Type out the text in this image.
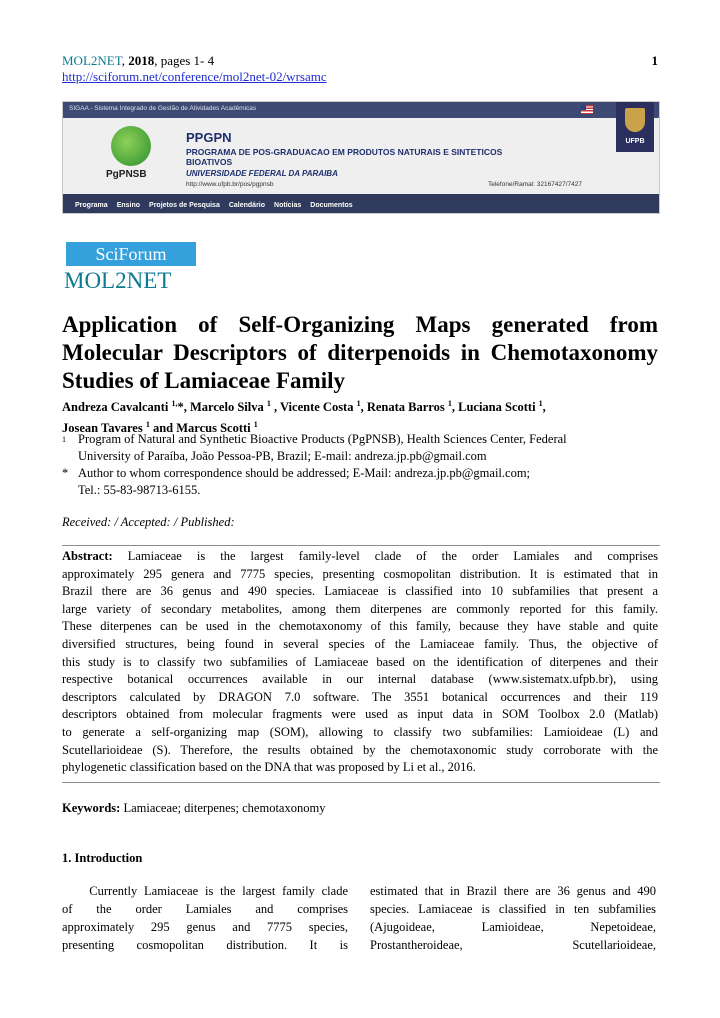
MOL2NET, 2018, pages 1- 4	1
http://sciforum.net/conference/mol2net-02/wrsamc
SIGAA - Sistema Integrado de Gestão de Atividades Acadêmicas
UFPB
PgPNSB
PPGPN
PROGRAMA DE POS-GRADUACAO EM PRODUTOS NATURAIS E SINTETICOS
BIOATIVOS
UNIVERSIDADE FEDERAL DA PARAIBA
http://www.ufpb.br/pos/pgpnsb	Telefone/Ramal: 32167427/7427
Programa Ensino Projetos de Pesquisa Calendário Notícias Documentos
SciForum
MOL2NET
Application of Self-Organizing Maps generated from
Molecular Descriptors of diterpenoids in Chemotaxonomy
Studies of Lamiaceae Family
Andreza Cavalcanti $^{1,}$*, Marcelo Silva $^1$ , Vicente Costa $^1$, Renata Barros $^1$, Luciana Scotti $^1$,
Josean Tavares $^1$ and Marcus Scotti $^1$
$^1$ Program of Natural and Synthetic Bioactive Products (PgPNSB), Health Sciences Center, Federal
University of Paraíba, João Pessoa-PB, Brazil; E-mail: andreza.jp.pb@gmail.com
* Author to whom correspondence should be addressed; E-Mail: andreza.jp.pb@gmail.com;
Tel.: 55-83-98713-6155.
Received: / Accepted: / Published:
Abstract: Lamiaceae is the largest family-level clade of the order Lamiales and comprises
approximately 295 genera and 7775 species, presenting cosmopolitan distribution. It is estimated that in
Brazil there are 36 genus and 490 species. Lamiaceae is classified into 10 subfamilies that present a
large variety of secondary metabolites, among them diterpenes are commonly reported for this family.
These diterpenes can be used in the chemotaxonomy of this family, because they have stable and quite
diversified structures, being found in several species of the Lamiaceae family. Thus, the objective of
this study is to classify two subfamilies of Lamiaceae based on the identification of diterpenes and their
respective botanical occurrences available in our internal database (www.sistematx.ufpb.br), using
descriptors calculated by DRAGON 7.0 software. The 3551 botanical occurrences and their 119
descriptors obtained from molecular fragments were used as input data in SOM Toolbox 2.0 (Matlab)
to generate a self-organizing map (SOM), allowing to classify two subfamilies: Lamioideae (L) and
Scutellarioideae (S). Therefore, the results obtained by the chemotaxonomic study corroborate with the
phylogenetic classification based on the DNA that was proposed by Li et al., 2016.
Keywords: Lamiaceae; diterpenes; chemotaxonomy
1. Introduction
Currently Lamiaceae is the largest family clade
of the order Lamiales and comprises
approximately 295 genus and 7775 species,
presenting cosmopolitan distribution. It is
estimated that in Brazil there are 36 genus and 490
species. Lamiaceae is classified in ten subfamilies
(Ajugoideae, Lamioideae, Nepetoideae,
Prostantheroideae, Scutellarioideae,
